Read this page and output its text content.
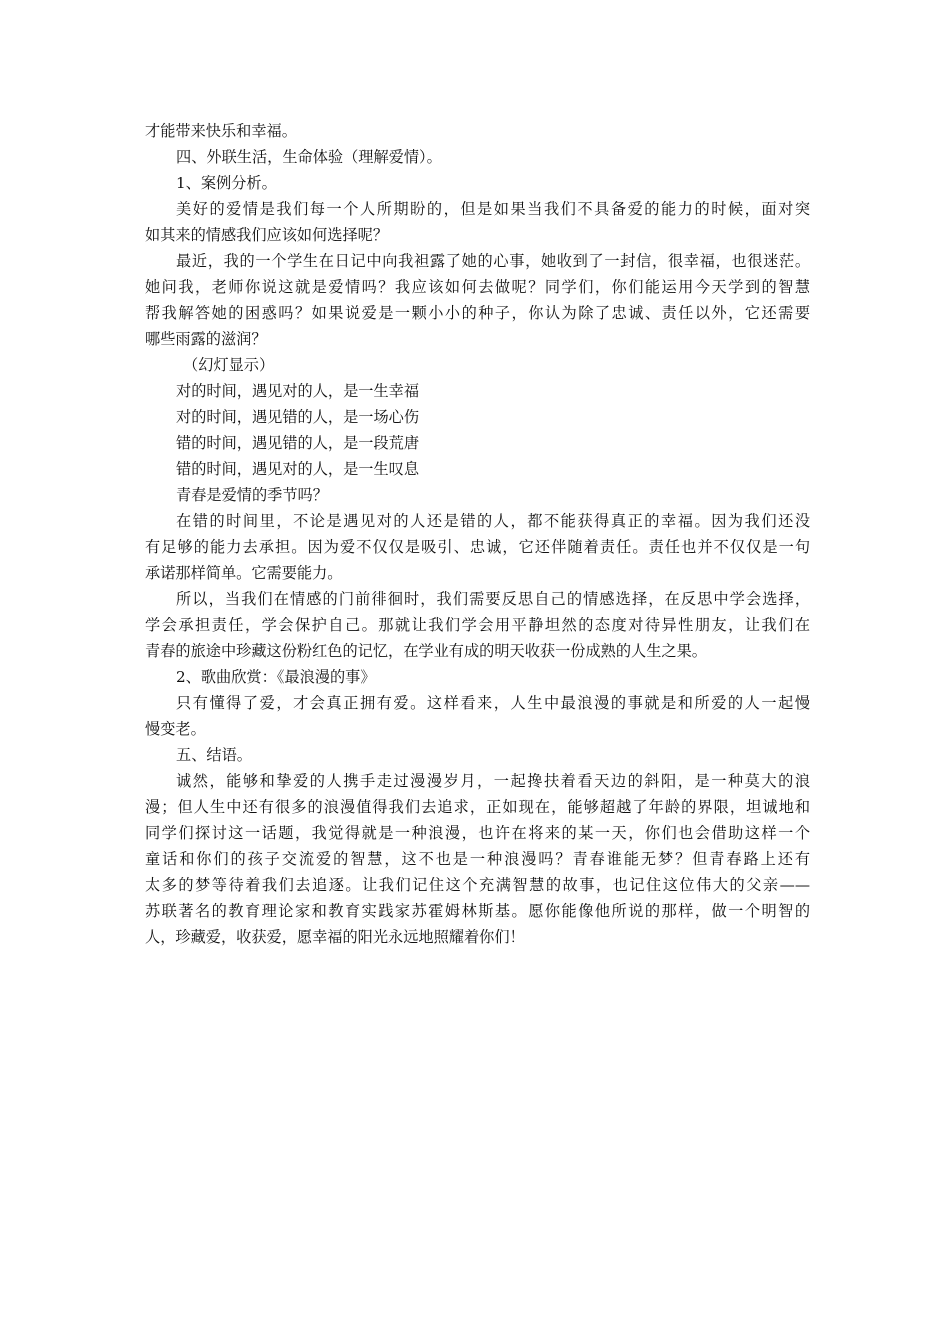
才能带来快乐和幸福。
四、外联生活，生命体验（理解爱情）。
1、案例分析。
美好的爱情是我们每一个人所期盼的，但是如果当我们不具备爱的能力的时候，面对突
如其来的情感我们应该如何选择呢？
最近，我的一个学生在日记中向我袒露了她的心事，她收到了一封信，很幸福，也很迷茫。
她问我，老师你说这就是爱情吗？我应该如何去做呢？同学们，你们能运用今天学到的智慧
帮我解答她的困惑吗？如果说爱是一颗小小的种子，你认为除了忠诚、责任以外，它还需要
哪些雨露的滋润？
（幻灯显示）
对的时间，遇见对的人，是一生幸福
对的时间，遇见错的人，是一场心伤
错的时间，遇见错的人，是一段荒唐
错的时间，遇见对的人，是一生叹息
青春是爱情的季节吗？
在错的时间里，不论是遇见对的人还是错的人，都不能获得真正的幸福。因为我们还没
有足够的能力去承担。因为爱不仅仅是吸引、忠诚，它还伴随着责任。责任也并不仅仅是一句
承诺那样简单。它需要能力。
所以，当我们在情感的门前徘徊时，我们需要反思自己的情感选择，在反思中学会选择，
学会承担责任，学会保护自己。那就让我们学会用平静坦然的态度对待异性朋友，让我们在
青春的旅途中珍藏这份粉红色的记忆，在学业有成的明天收获一份成熟的人生之果。
2、歌曲欣赏：《最浪漫的事》
只有懂得了爱，才会真正拥有爱。这样看来，人生中最浪漫的事就是和所爱的人一起慢
慢变老。
五、结语。
诚然，能够和挚爱的人携手走过漫漫岁月，一起搀扶着看天边的斜阳，是一种莫大的浪
漫；但人生中还有很多的浪漫值得我们去追求，正如现在，能够超越了年龄的界限，坦诚地和
同学们探讨这一话题，我觉得就是一种浪漫，也许在将来的某一天，你们也会借助这样一个
童话和你们的孩子交流爱的智慧，这不也是一种浪漫吗？青春谁能无梦？但青春路上还有
太多的梦等待着我们去追逐。让我们记住这个充满智慧的故事，也记住这位伟大的父亲——
苏联著名的教育理论家和教育实践家苏霍姆林斯基。愿你能像他所说的那样，做一个明智的
人，珍藏爱，收获爱，愿幸福的阳光永远地照耀着你们！
